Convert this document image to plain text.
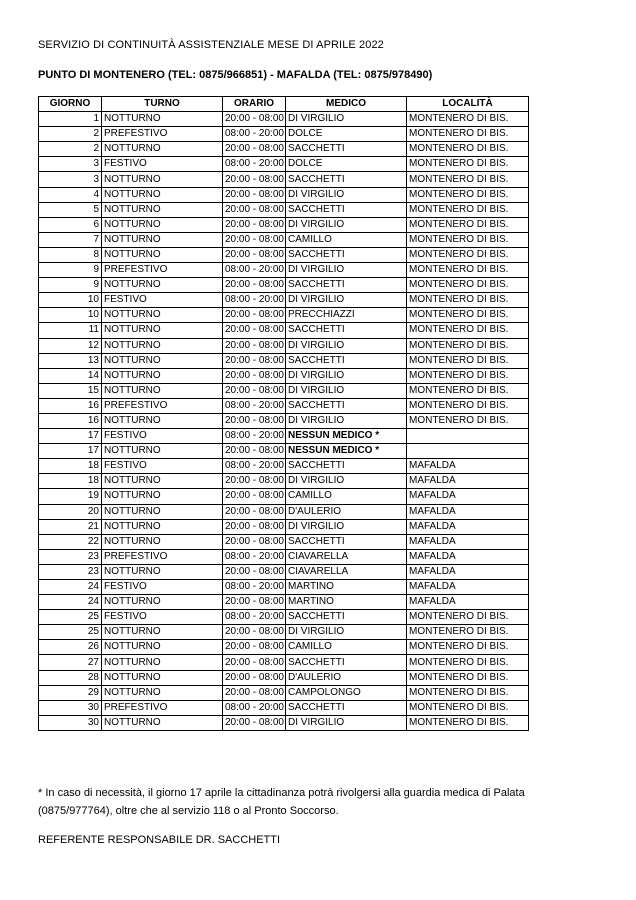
SERVIZIO DI CONTINUITÀ ASSISTENZIALE MESE DI APRILE 2022
PUNTO DI MONTENERO (TEL: 0875/966851) - MAFALDA (TEL: 0875/978490)
GIORNO	TURNO	ORARIO	MEDICO	LOCALITÀ
1	NOTTURNO	20:00 - 08:00	DI VIRGILIO	MONTENERO DI BIS.
2	PREFESTIVO	08:00 - 20:00	DOLCE	MONTENERO DI BIS.
2	NOTTURNO	20:00 - 08:00	SACCHETTI	MONTENERO DI BIS.
3	FESTIVO	08:00 - 20:00	DOLCE	MONTENERO DI BIS.
3	NOTTURNO	20:00 - 08:00	SACCHETTI	MONTENERO DI BIS.
4	NOTTURNO	20:00 - 08:00	DI VIRGILIO	MONTENERO DI BIS.
5	NOTTURNO	20:00 - 08:00	SACCHETTI	MONTENERO DI BIS.
6	NOTTURNO	20:00 - 08:00	DI VIRGILIO	MONTENERO DI BIS.
7	NOTTURNO	20:00 - 08:00	CAMILLO	MONTENERO DI BIS.
8	NOTTURNO	20:00 - 08:00	SACCHETTI	MONTENERO DI BIS.
9	PREFESTIVO	08:00 - 20:00	DI VIRGILIO	MONTENERO DI BIS.
9	NOTTURNO	20:00 - 08:00	SACCHETTI	MONTENERO DI BIS.
10	FESTIVO	08:00 - 20:00	DI VIRGILIO	MONTENERO DI BIS.
10	NOTTURNO	20:00 - 08:00	PRECCHIAZZI	MONTENERO DI BIS.
11	NOTTURNO	20:00 - 08:00	SACCHETTI	MONTENERO DI BIS.
12	NOTTURNO	20:00 - 08:00	DI VIRGILIO	MONTENERO DI BIS.
13	NOTTURNO	20:00 - 08:00	SACCHETTI	MONTENERO DI BIS.
14	NOTTURNO	20:00 - 08:00	DI VIRGILIO	MONTENERO DI BIS.
15	NOTTURNO	20:00 - 08:00	DI VIRGILIO	MONTENERO DI BIS.
16	PREFESTIVO	08:00 - 20:00	SACCHETTI	MONTENERO DI BIS.
16	NOTTURNO	20:00 - 08:00	DI VIRGILIO	MONTENERO DI BIS.
17	FESTIVO	08:00 - 20:00	NESSUN MEDICO *	
17	NOTTURNO	20:00 - 08:00	NESSUN MEDICO *	
18	FESTIVO	08:00 - 20:00	SACCHETTI	MAFALDA
18	NOTTURNO	20:00 - 08:00	DI VIRGILIO	MAFALDA
19	NOTTURNO	20:00 - 08:00	CAMILLO	MAFALDA
20	NOTTURNO	20:00 - 08:00	D'AULERIO	MAFALDA
21	NOTTURNO	20:00 - 08:00	DI VIRGILIO	MAFALDA
22	NOTTURNO	20:00 - 08:00	SACCHETTI	MAFALDA
23	PREFESTIVO	08:00 - 20:00	CIAVARELLA	MAFALDA
23	NOTTURNO	20:00 - 08:00	CIAVARELLA	MAFALDA
24	FESTIVO	08:00 - 20:00	MARTINO	MAFALDA
24	NOTTURNO	20:00 - 08:00	MARTINO	MAFALDA
25	FESTIVO	08:00 - 20:00	SACCHETTI	MONTENERO DI BIS.
25	NOTTURNO	20:00 - 08:00	DI VIRGILIO	MONTENERO DI BIS.
26	NOTTURNO	20:00 - 08:00	CAMILLO	MONTENERO DI BIS.
27	NOTTURNO	20:00 - 08:00	SACCHETTI	MONTENERO DI BIS.
28	NOTTURNO	20:00 - 08:00	D'AULERIO	MONTENERO DI BIS.
29	NOTTURNO	20:00 - 08:00	CAMPOLONGO	MONTENERO DI BIS.
30	PREFESTIVO	08:00 - 20:00	SACCHETTI	MONTENERO DI BIS.
30	NOTTURNO	20:00 - 08:00	DI VIRGILIO	MONTENERO DI BIS.
* In caso di necessità, il giorno 17 aprile la cittadinanza potrà rivolgersi alla guardia medica di Palata
(0875/977764), oltre che al servizio 118 o al Pronto Soccorso.
REFERENTE RESPONSABILE DR. SACCHETTI
